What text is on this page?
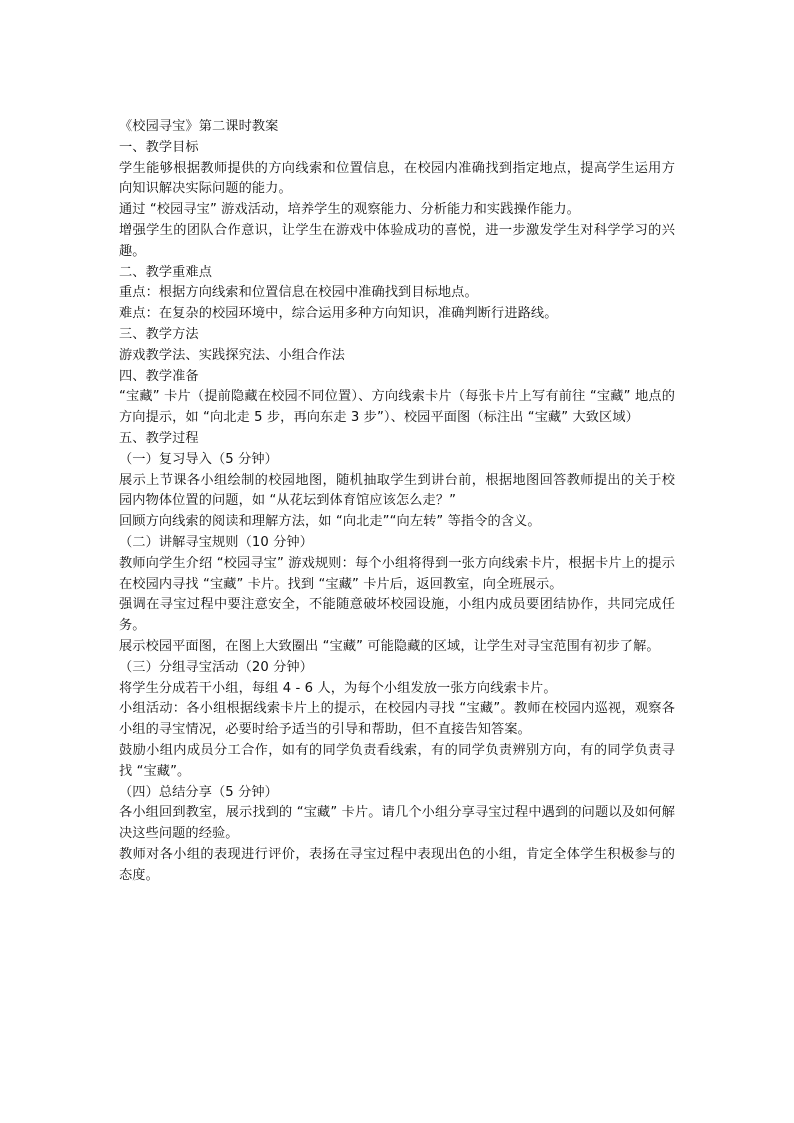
《校园寻宝》第二课时教案
一、教学目标
学生能够根据教师提供的方向线索和位置信息，在校园内准确找到指定地点，提高学生运用方向知识解决实际问题的能力。
通过 “校园寻宝” 游戏活动，培养学生的观察能力、分析能力和实践操作能力。
增强学生的团队合作意识，让学生在游戏中体验成功的喜悦，进一步激发学生对科学学习的兴趣。
二、教学重难点
重点：根据方向线索和位置信息在校园中准确找到目标地点。
难点：在复杂的校园环境中，综合运用多种方向知识，准确判断行进路线。
三、教学方法
游戏教学法、实践探究法、小组合作法
四、教学准备
“宝藏” 卡片（提前隐藏在校园不同位置）、方向线索卡片（每张卡片上写有前往 “宝藏” 地点的方向提示，如 “向北走 5 步，再向东走 3 步”）、校园平面图（标注出 “宝藏” 大致区域）
五、教学过程
（一）复习导入（5 分钟）
展示上节课各小组绘制的校园地图，随机抽取学生到讲台前，根据地图回答教师提出的关于校园内物体位置的问题，如 “从花坛到体育馆应该怎么走？”
回顾方向线索的阅读和理解方法，如 “向北走”“向左转” 等指令的含义。
（二）讲解寻宝规则（10 分钟）
教师向学生介绍 “校园寻宝” 游戏规则：每个小组将得到一张方向线索卡片，根据卡片上的提示在校园内寻找 “宝藏” 卡片。找到 “宝藏” 卡片后，返回教室，向全班展示。
强调在寻宝过程中要注意安全，不能随意破坏校园设施，小组内成员要团结协作，共同完成任务。
展示校园平面图，在图上大致圈出 “宝藏” 可能隐藏的区域，让学生对寻宝范围有初步了解。
（三）分组寻宝活动（20 分钟）
将学生分成若干小组，每组 4 - 6 人，为每个小组发放一张方向线索卡片。
小组活动：各小组根据线索卡片上的提示，在校园内寻找 “宝藏”。教师在校园内巡视，观察各小组的寻宝情况，必要时给予适当的引导和帮助，但不直接告知答案。
鼓励小组内成员分工合作，如有的同学负责看线索，有的同学负责辨别方向，有的同学负责寻找 “宝藏”。
（四）总结分享（5 分钟）
各小组回到教室，展示找到的 “宝藏” 卡片。请几个小组分享寻宝过程中遇到的问题以及如何解决这些问题的经验。
教师对各小组的表现进行评价，表扬在寻宝过程中表现出色的小组，肯定全体学生积极参与的态度。
